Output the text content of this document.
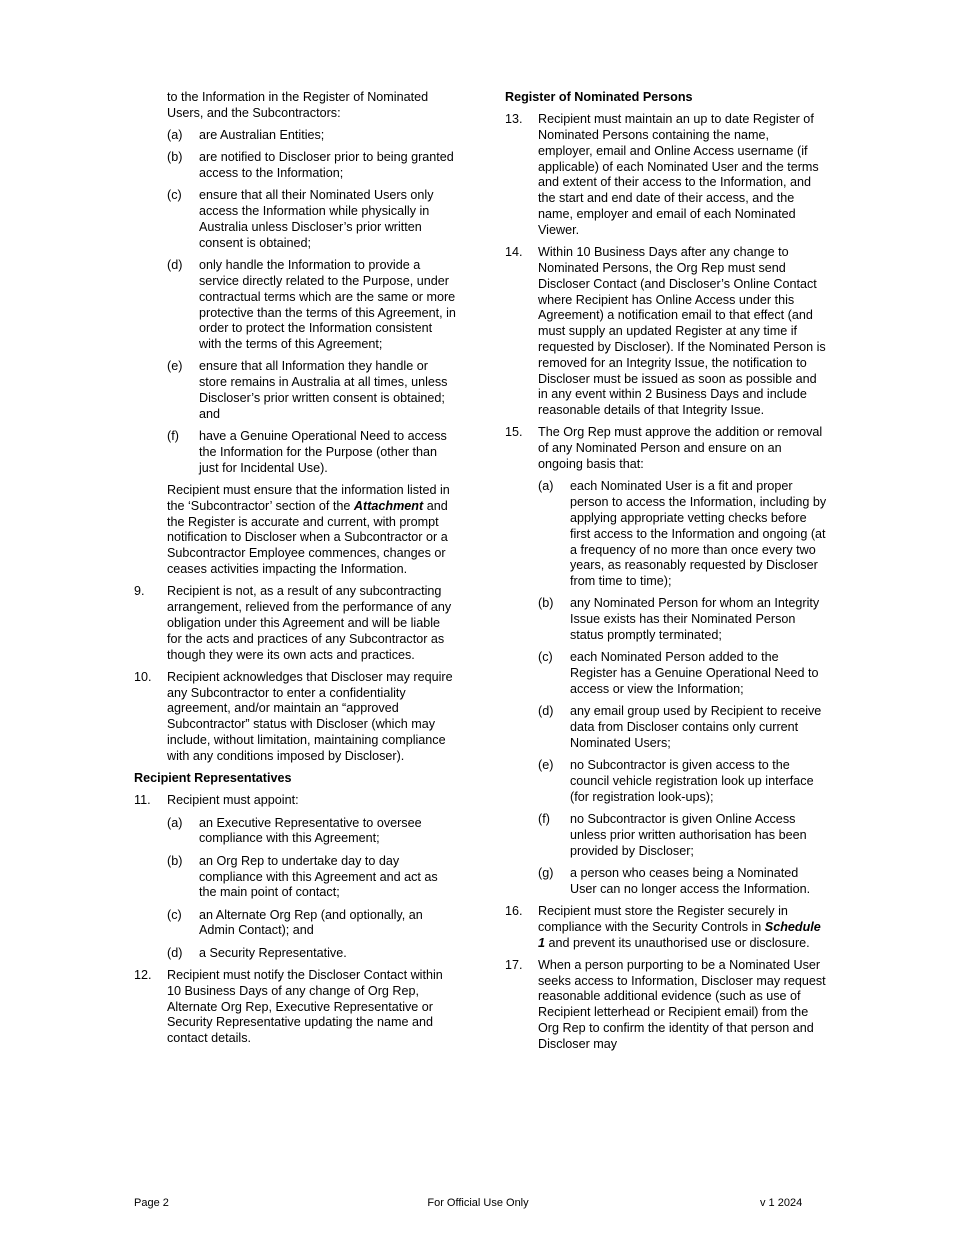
to the Information in the Register of Nominated Users, and the Subcontractors:

(a) are Australian Entities;
(b) are notified to Discloser prior to being granted access to the Information;
(c) ensure that all their Nominated Users only access the Information while physically in Australia unless Discloser’s prior written consent is obtained;
(d) only handle the Information to provide a service directly related to the Purpose, under contractual terms which are the same or more protective than the terms of this Agreement, in order to protect the Information consistent with the terms of this Agreement;
(e) ensure that all Information they handle or store remains in Australia at all times, unless Discloser’s prior written consent is obtained; and
(f) have a Genuine Operational Need to access the Information for the Purpose (other than just for Incidental Use).

Recipient must ensure that the information listed in the ‘Subcontractor’ section of the Attachment and the Register is accurate and current, with prompt notification to Discloser when a Subcontractor or a Subcontractor Employee commences, changes or ceases activities impacting the Information.

9. Recipient is not, as a result of any subcontracting arrangement, relieved from the performance of any obligation under this Agreement and will be liable for the acts and practices of any Subcontractor as though they were its own acts and practices.
10. Recipient acknowledges that Discloser may require any Subcontractor to enter a confidentiality agreement, and/or maintain an “approved Subcontractor” status with Discloser (which may include, without limitation, maintaining compliance with any conditions imposed by Discloser).

Recipient Representatives

11. Recipient must appoint:
(a) an Executive Representative to oversee compliance with this Agreement;
(b) an Org Rep to undertake day to day compliance with this Agreement and act as the main point of contact;
(c) an Alternate Org Rep (and optionally, an Admin Contact); and
(d) a Security Representative.
12. Recipient must notify the Discloser Contact within 10 Business Days of any change of Org Rep, Alternate Org Rep, Executive Representative or Security Representative updating the name and contact details.

Register of Nominated Persons

13. Recipient must maintain an up to date Register of Nominated Persons containing the name, employer, email and Online Access username (if applicable) of each Nominated User and the terms and extent of their access to the Information, and the start and end date of their access, and the name, employer and email of each Nominated Viewer.
14. Within 10 Business Days after any change to Nominated Persons, the Org Rep must send Discloser Contact (and Discloser’s Online Contact where Recipient has Online Access under this Agreement) a notification email to that effect (and must supply an updated Register at any time if requested by Discloser). If the Nominated Person is removed for an Integrity Issue, the notification to Discloser must be issued as soon as possible and in any event within 2 Business Days and include reasonable details of that Integrity Issue.
15. The Org Rep must approve the addition or removal of any Nominated Person and ensure on an ongoing basis that:
(a) each Nominated User is a fit and proper person to access the Information, including by applying appropriate vetting checks before first access to the Information and ongoing (at a frequency of no more than once every two years, as reasonably requested by Discloser from time to time);
(b) any Nominated Person for whom an Integrity Issue exists has their Nominated Person status promptly terminated;
(c) each Nominated Person added to the Register has a Genuine Operational Need to access or view the Information;
(d) any email group used by Recipient to receive data from Discloser contains only current Nominated Users;
(e) no Subcontractor is given access to the council vehicle registration look up interface (for registration look-ups);
(f) no Subcontractor is given Online Access unless prior written authorisation has been provided by Discloser;
(g) a person who ceases being a Nominated User can no longer access the Information.
16. Recipient must store the Register securely in compliance with the Security Controls in Schedule 1 and prevent its unauthorised use or disclosure.
17. When a person purporting to be a Nominated User seeks access to Information, Discloser may request reasonable additional evidence (such as use of Recipient letterhead or Recipient email) from the Org Rep to confirm the identity of that person and Discloser may
Page 2	For Official Use Only	v 1 2024
